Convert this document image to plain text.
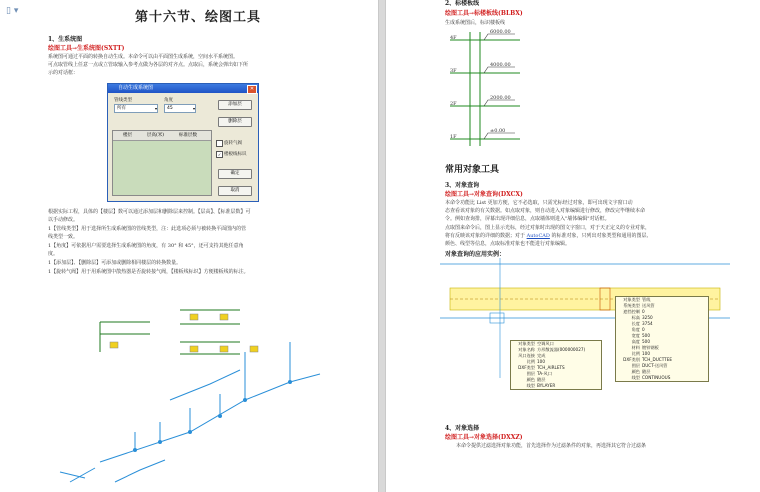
▯ ▾	第十六节、绘图工具
1、生系统图
绘图工具→生系统图(SXTT)
系统图可通过平面的转换自动生成。本命令可以由平面图生成系统，空间水平系统图。
可点取管线上任意一点或立管取输入参考点做为各层的对齐点。点取后，系统会弹出如下所
示的对话框：
自动生成系统图	✕
管线类型
所有	▾
角度
45	▾
添加层
删除层
楼层	层高(米)	标准层数
旋转气阀
✓ 楼板线标识
确定
取消
根据实际工程，具体的【楼层】数可以通过添加层和删除层来控制。【层高】、【标准层数】可
以手动修改。
1【管线类型】用于选择所生成系统图的管线类型，注：此选项必须与被转换平面图内的管
线类型一致。
1【角度】可依据用户需要选择生成系统图的角度，有 30° 和 45°，还可支持其他任意角
度。
1【添加层】、【删除层】可添加或删除相同楼层的转换数量。
1【旋转气阀】用于用系统图中散热器是否旋转接气阀，【楼板线标识】方便楼板线的标注。
2、标楼板线
绘图工具→标楼板线(BLBX)
生成系统图后，标识楼板线
4F
3F
2F
1F
6000.00
4000.00
2000.00
±0.00
常用对象工具
3、对象查询
绘图工具→对象查询(DXCX)
本命令功能比 List 更加方便，它不必选取，只需光标经过对象，即可出现文字窗口动
态查看该对象的有关数据。如点取对象，则自动进入对象编辑进行修改，修改完毕继续本命
令。例如查询排，屏幕出现详细信息，点取墙体则进入"墙体编辑"对话框。
点取图来命令后，图上显示光标，经过对象时出现的图文字窗口，对于天正定义的专业对象，
将有反映该对象的详细的数据；对于 AutoCAD 的标准对象，只列出对象类型和通用的图层、
颜色、线型等信息，点取标准对象也不能进行对象编辑。
对象查询的应用实例：
对象类型 管线
系统类型 送风管
遮挡控制 0
标高 3250
长度 3754
角度 0
宽度 500
高度 500
材料 镀锌钢板
比例 100
DXF类别 TCH_DUCTTEE
图层 DUCT-送风管
颜色 随层
线型 CONTINUOUS
对象类型 空调风口
对象名称 方形散流器(000000027)
风口连接 完成
比例 100
DXF类型 TCH_AIRLETS
图层 TA-风口
颜色 随层
线型 BYLAYER
4、对象选择
绘图工具→对象选择(DXXZ)
本命令提供过滤选择对象功能，首先选择作为过滤条件的对象，再选择其它符合过滤条
